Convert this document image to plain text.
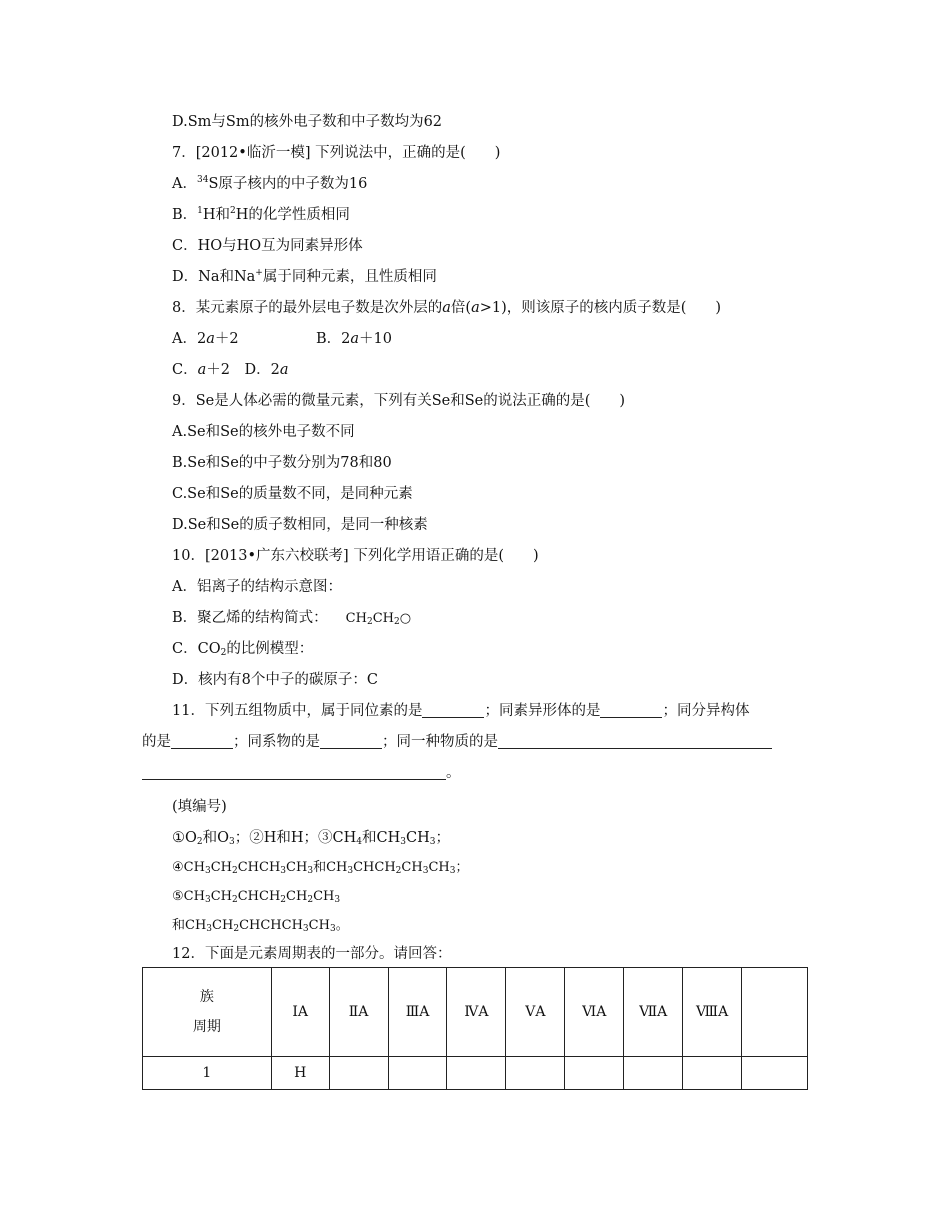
D.Sm与Sm的核外电子数和中子数均为62
7．[2012•临沂一模] 下列说法中，正确的是(　　)
A．$^{34}$S原子核内的中子数为16
B．$^1$H和$^2$H的化学性质相同
C．HO与HO互为同素异形体
D．Na和Na+属于同种元素，且性质相同
8．某元素原子的最外层电子数是次外层的a倍(a>1)，则该原子的核内质子数是(　　)
A．2a＋2	B．2a＋10
C．a＋2　D．2a
9．Se是人体必需的微量元素，下列有关Se和Se的说法正确的是(　　)
A.Se和Se的核外电子数不同
B.Se和Se的中子数分别为78和80
C.Se和Se的质量数不同，是同种元素
D.Se和Se的质子数相同，是同一种核素
10．[2013•广东六校联考] 下列化学用语正确的是(　　)
A．铝离子的结构示意图：
B．聚乙烯的结构简式： $CH_2CH_2○$
C．$CO_2$的比例模型：
D．核内有8个中子的碳原子：C
11．下列五组物质中，属于同位素的是	；同素异形体的是	；同分异构体
的是	；同系物的是	；同一种物质的是
。
(填编号)
$①O_2$和$O_3$；②H和H；$③CH_4$和$CH_3CH_3$；
$④CH_3CH_2CHCH_3CH_3$和$CH_3CHCH_2CH_3CH_3$；
$⑤CH_3CH_2CHCH_2CH_2CH_3$
和$CH_3CH_2CHCHCH_3CH_3$。
12．下面是元素周期表的一部分。请回答：
族
周期	ⅠA	ⅡA	ⅢA	ⅣA	ⅤA	ⅥA	ⅦA	ⅧA	
1	H								
